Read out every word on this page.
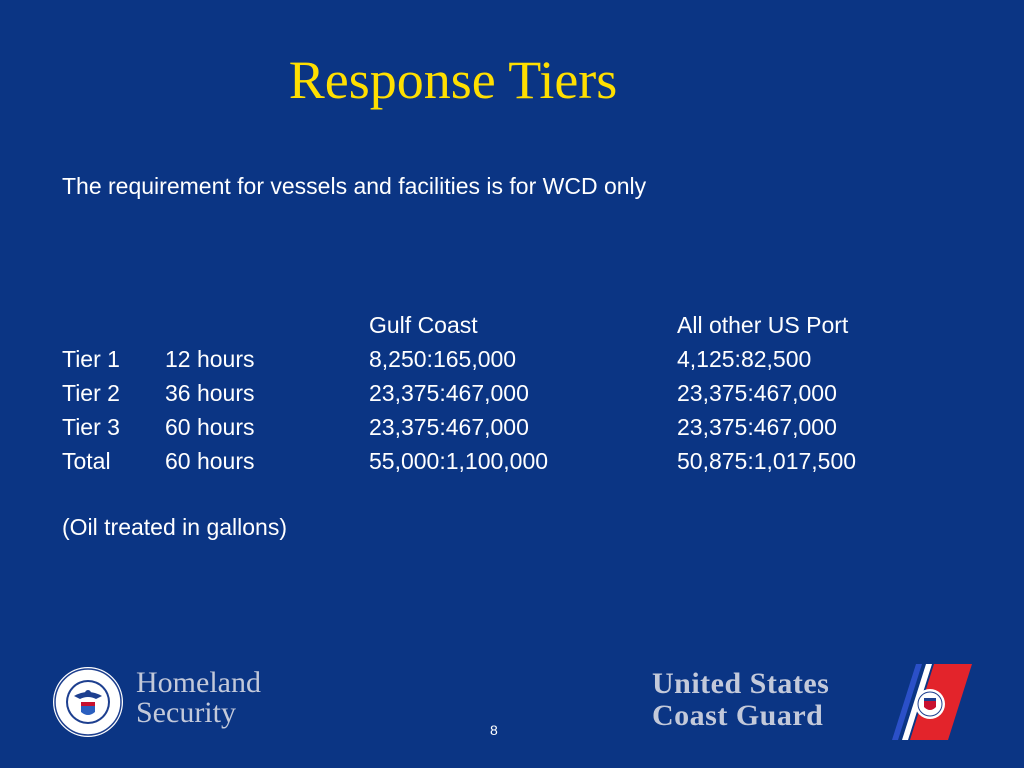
Response Tiers
The requirement for vessels and facilities is for WCD only
		Gulf Coast	All other US Port
Tier 1	12 hours	8,250:165,000	4,125:82,500
Tier 2	36 hours	23,375:467,000	23,375:467,000
Tier 3	60 hours	23,375:467,000	23,375:467,000
Total	60 hours	55,000:1,100,000	50,875:1,017,500
(Oil treated in gallons)
Homeland
Security
8
United States
Coast Guard
